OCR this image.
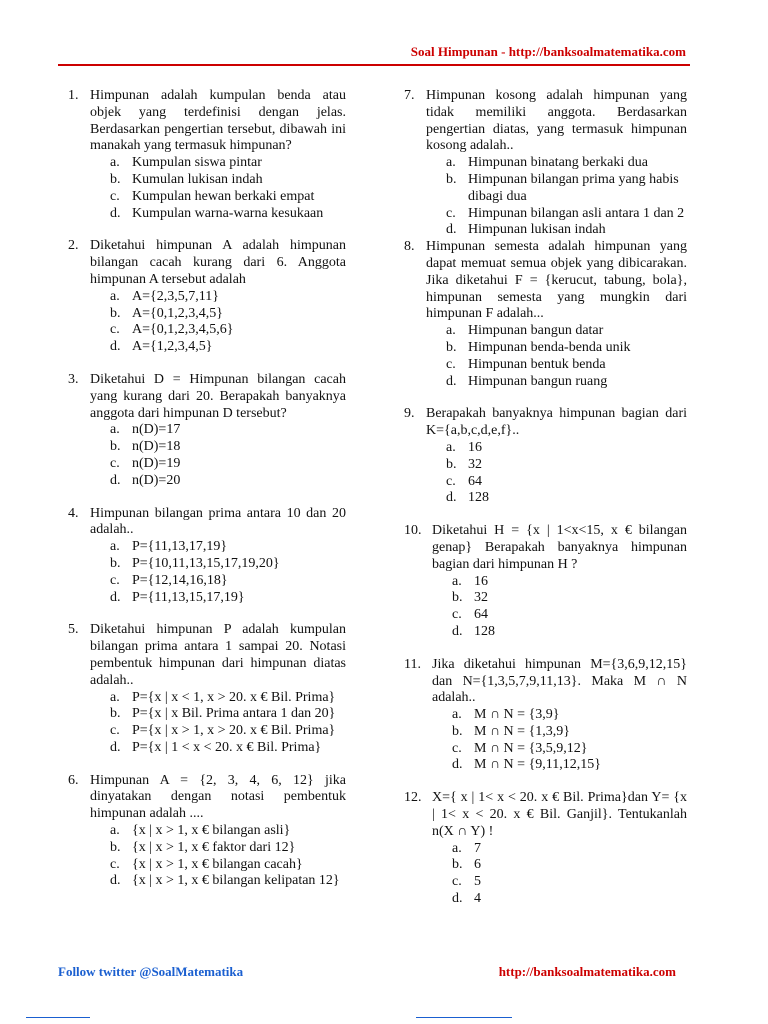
Soal Himpunan - http://banksoalmatematika.com
1. Himpunan adalah kumpulan benda atau objek yang terdefinisi dengan jelas. Berdasarkan pengertian tersebut, dibawah ini manakah yang termasuk himpunan?
a. Kumpulan siswa pintar
b. Kumulan lukisan indah
c. Kumpulan hewan berkaki empat
d. Kumpulan warna-warna kesukaan
2. Diketahui himpunan A adalah himpunan bilangan cacah kurang dari 6. Anggota himpunan A tersebut adalah
a. A={2,3,5,7,11}
b. A={0,1,2,3,4,5}
c. A={0,1,2,3,4,5,6}
d. A={1,2,3,4,5}
3. Diketahui D = Himpunan bilangan cacah yang kurang dari 20. Berapakah banyaknya anggota dari himpunan D tersebut?
a. n(D)=17
b. n(D)=18
c. n(D)=19
d. n(D)=20
4. Himpunan bilangan prima antara 10 dan 20 adalah..
a. P={11,13,17,19}
b. P={10,11,13,15,17,19,20}
c. P={12,14,16,18}
d. P={11,13,15,17,19}
5. Diketahui himpunan P adalah kumpulan bilangan prima antara 1 sampai 20. Notasi pembentuk himpunan dari himpunan diatas adalah..
a. P={x | x < 1, x > 20. x € Bil. Prima}
b. P={x | x Bil. Prima antara 1 dan 20}
c. P={x | x > 1, x > 20. x € Bil. Prima}
d. P={x | 1 < x < 20. x € Bil. Prima}
6. Himpunan A = {2, 3, 4, 6, 12} jika dinyatakan dengan notasi pembentuk himpunan adalah ....
a. {x | x > 1, x € bilangan asli}
b. {x | x > 1, x € faktor dari 12}
c. {x | x > 1, x € bilangan cacah}
d. {x | x > 1, x € bilangan kelipatan 12}
7. Himpunan kosong adalah himpunan yang tidak memiliki anggota. Berdasarkan pengertian diatas, yang termasuk himpunan kosong adalah..
a. Himpunan binatang berkaki dua
b. Himpunan bilangan prima yang habis dibagi dua
c. Himpunan bilangan asli antara 1 dan 2
d. Himpunan lukisan indah
8. Himpunan semesta adalah himpunan yang dapat memuat semua objek yang dibicarakan. Jika diketahui F = {kerucut, tabung, bola}, himpunan semesta yang mungkin dari himpunan F adalah...
a. Himpunan bangun datar
b. Himpunan benda-benda unik
c. Himpunan bentuk benda
d. Himpunan bangun ruang
9. Berapakah banyaknya himpunan bagian dari K={a,b,c,d,e,f}..
a. 16
b. 32
c. 64
d. 128
10. Diketahui H = {x | 1<x<15, x € bilangan genap} Berapakah banyaknya himpunan bagian dari himpunan H ?
a. 16
b. 32
c. 64
d. 128
11. Jika diketahui himpunan M={3,6,9,12,15} dan N={1,3,5,7,9,11,13}. Maka M ∩ N adalah..
a. M ∩ N = {3,9}
b. M ∩ N = {1,3,9}
c. M ∩ N = {3,5,9,12}
d. M ∩ N = {9,11,12,15}
12. X={ x | 1< x < 20. x € Bil. Prima}dan Y= {x | 1< x < 20. x € Bil. Ganjil}. Tentukanlah n(X ∩ Y) !
a. 7
b. 6
c. 5
d. 4
Follow twitter @SoalMatematika	http://banksoalmatematika.com
